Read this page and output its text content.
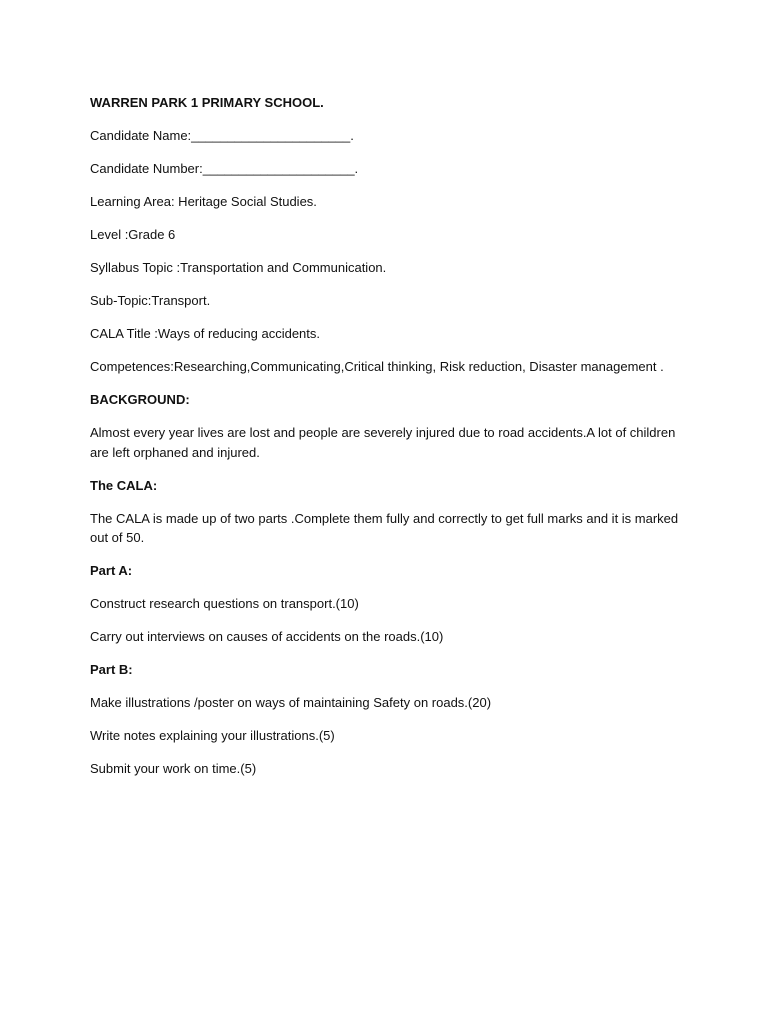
WARREN PARK 1 PRIMARY SCHOOL.

Candidate Name:______________________.

Candidate Number:_____________________.

Learning Area: Heritage Social Studies.

Level :Grade 6

Syllabus Topic :Transportation and Communication.

Sub-Topic:Transport.

CALA Title :Ways of reducing accidents.

Competences:Researching,Communicating,Critical thinking, Risk reduction, Disaster management .

BACKGROUND:

Almost every year lives are lost and people are severely injured due to road accidents.A lot of children are left orphaned and injured.

The CALA:

The CALA is made up of two parts .Complete them fully and correctly to get full marks and it is marked out of 50.

Part A:

Construct research questions on transport.(10)

Carry out interviews on causes of accidents on the roads.(10)

Part B:

Make illustrations /poster on ways of maintaining Safety on roads.(20)

Write notes explaining your illustrations.(5)

Submit your work on time.(5)
